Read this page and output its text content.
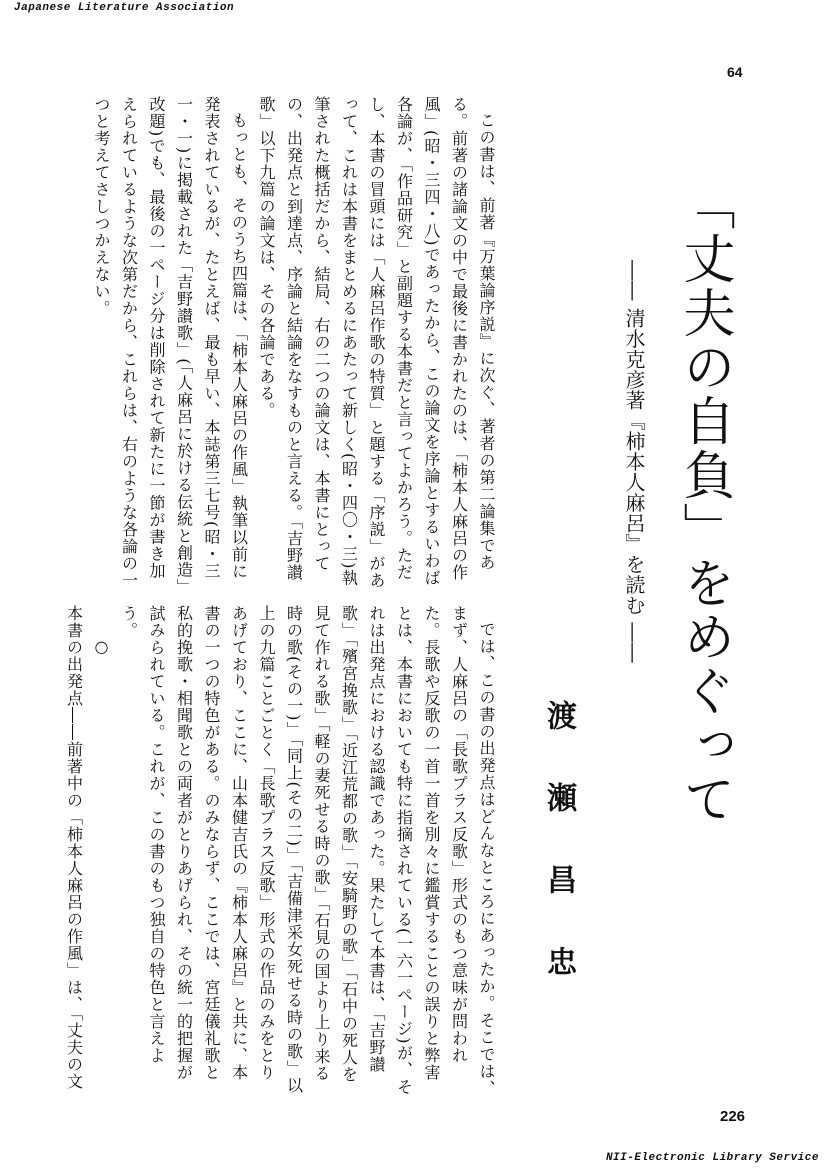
Japanese Literature Association
64
「丈夫の自負」をめぐって
―― 清水克彦著『柿本人麻呂』を読む ――
渡瀬昌忠

この書は、前著『万葉論序説』に次ぐ、著者の第二論集である。前著の諸論文の中で最後に書かれたのは、「柿本人麻呂の作風」(昭・三四・八)であったから、この論文を序論とするいわば各論が、「作品研究」と副題する本書だと言ってよかろう。ただし、本書の冒頭には「人麻呂作歌の特質」と題する「序説」があって、これは本書をまとめるにあたって新しく(昭・四〇・三)執筆された概括だから、結局、右の二つの論文は、本書にとっての、出発点と到達点、序論と結論をなすものと言える。「吉野讃歌」以下九篇の論文は、その各論である。

もっとも、そのうち四篇は、「柿本人麻呂の作風」執筆以前に発表されているが、たとえば、最も早い、本誌第三七号(昭・三一・一)に掲載された「吉野讃歌」(「人麻呂に於ける伝統と創造」改題)でも、最後の一ページ分は削除されて新たに一節が書き加えられているような次第だから、これらは、右のような各論の一つと考えてさしつかえない。

では、この書の出発点はどんなところにあったか。そこでは、まず、人麻呂の「長歌プラス反歌」形式のもつ意味が問われた。長歌や反歌の一首一首を別々に鑑賞することの誤りと弊害とは、本書においても特に指摘されている(一六一ページ)が、それは出発点における認識であった。果たして本書は、「吉野讃歌」「殯宮挽歌」「近江荒都の歌」「安騎野の歌」「石中の死人を見て作れる歌」「軽の妻死せる時の歌」「石見の国より上り来る時の歌(その一)」「同上(その二)」「吉備津采女死せる時の歌」以上の九篇ことごとく「長歌プラス反歌」形式の作品のみをとりあげており、ここに、山本健吉氏の『柿本人麻呂』と共に、本書の一つの特色がある。のみならず、ここでは、宮廷儀礼歌と私的挽歌・相聞歌との両者がとりあげられ、その統一的把握が試みられている。これが、この書のもつ独自の特色と言えよう。

○

本書の出発点――前著中の「柿本人麻呂の作風」は、「丈夫の文

226
NII-Electronic Library Service
